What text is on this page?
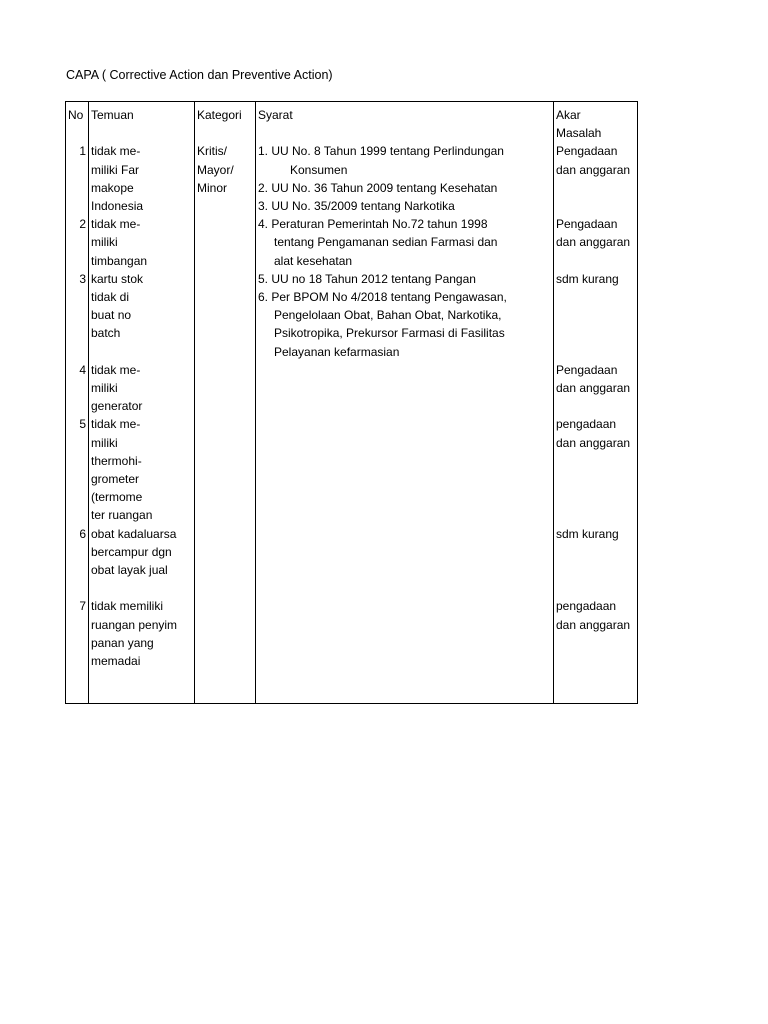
CAPA ( Corrective Action dan Preventive Action)
No Temuan	Kategori Syarat	Akar
Masalah
1 tidak me-
miliki Far
makope
Indonesia
Pengadaan
dan anggaran
2 tidak me-
miliki
timbangan
Pengadaan
dan anggaran
3 kartu stok
tidak di
buat no
batch
sdm kurang
4 tidak me-
miliki
generator
Pengadaan
dan anggaran
5 tidak me-
miliki
thermohi-
grometer
(termome
ter ruangan
pengadaan
dan anggaran
6 obat kadaluarsa
bercampur dgn
obat layak jual
sdm kurang
7 tidak memiliki
ruangan penyim
panan yang
memadai
pengadaan
dan anggaran
Kritis/
Mayor/
Minor
1. UU No. 8 Tahun 1999 tentang Perlindungan
Konsumen
2. UU No. 36 Tahun 2009 tentang Kesehatan
3. UU No. 35/2009 tentang Narkotika
4. Peraturan Pemerintah No.72 tahun 1998
tentang Pengamanan sedian Farmasi dan
alat kesehatan
5. UU no 18 Tahun 2012 tentang Pangan
6. Per BPOM No 4/2018 tentang Pengawasan,
Pengelolaan Obat, Bahan Obat, Narkotika,
Psikotropika, Prekursor Farmasi di Fasilitas
Pelayanan kefarmasian
